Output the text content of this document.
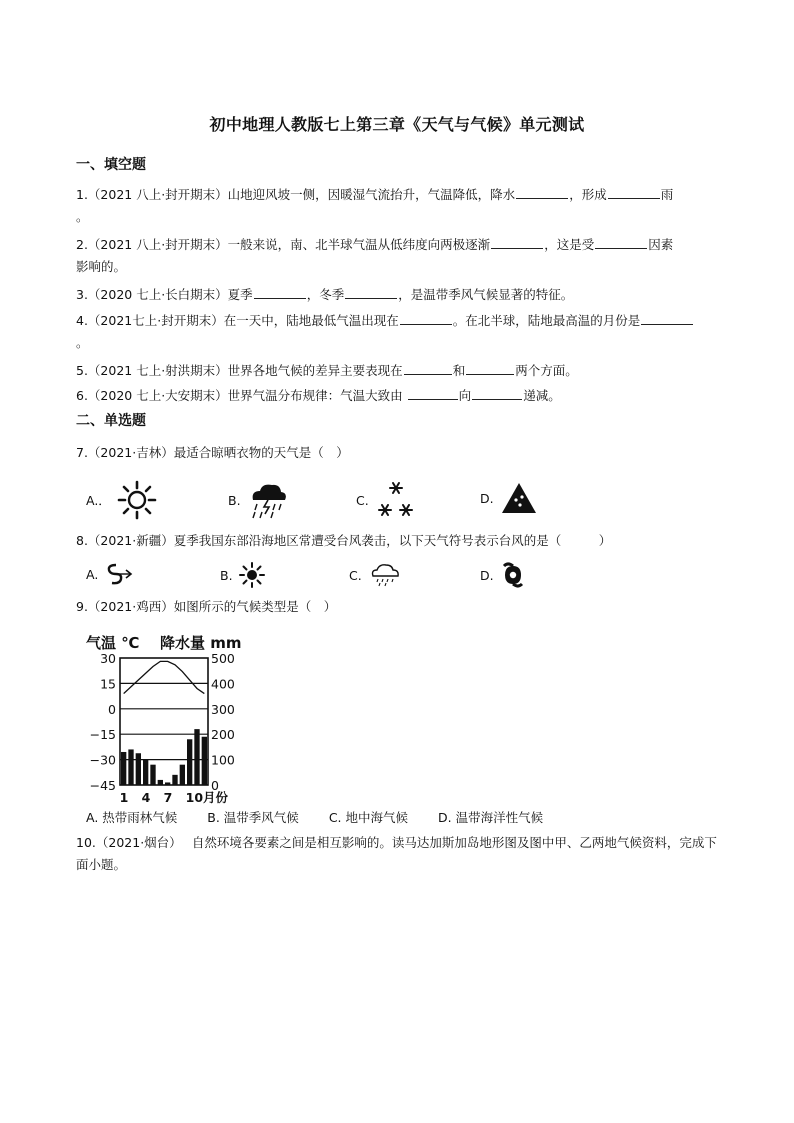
初中地理人教版七上第三章《天气与气候》单元测试
一、填空题
1.（2021 八上·封开期末）山地迎风坡一侧，因暖湿气流抬升，气温降低，降水	，形成	雨
。
2.（2021 八上·封开期末）一般来说，南、北半球气温从低纬度向两极逐渐	，这是受	因素
影响的。
3.（2020 七上·长白期末）夏季	，冬季	，是温带季风气候显著的特征。
4.（2021七上·封开期末）在一天中，陆地最低气温出现在	。在北半球，陆地最高温的月份是
。
5.（2021 七上·射洪期末）世界各地气候的差异主要表现在	和	两个方面。
6.（2020 七上·大安期末）世界气温分布规律：气温大致由	向	递减。
二、单选题
7.（2021·吉林）最适合晾晒衣物的天气是（　）
A.．	B.	C.	D.
8.（2021·新疆）夏季我国东部沿海地区常遭受台风袭击，以下天气符号表示台风的是（　　　）
A.	B.	C.	D.
9.（2021·鸡西）如图所示的气候类型是（　）
气温 ℃ 降水量 mm
30
15
0
−15
−30
−45
500
400
300
200
100
0
1 4 7 10月份
A. 热带雨林气候 B. 温带季风气候 C. 地中海气候 D. 温带海洋性气候
10.（2021·烟台）　 自然环境各要素之间是相互影响的。读马达加斯加岛地形图及图中甲、乙两地气候资料，完成下面小题。
